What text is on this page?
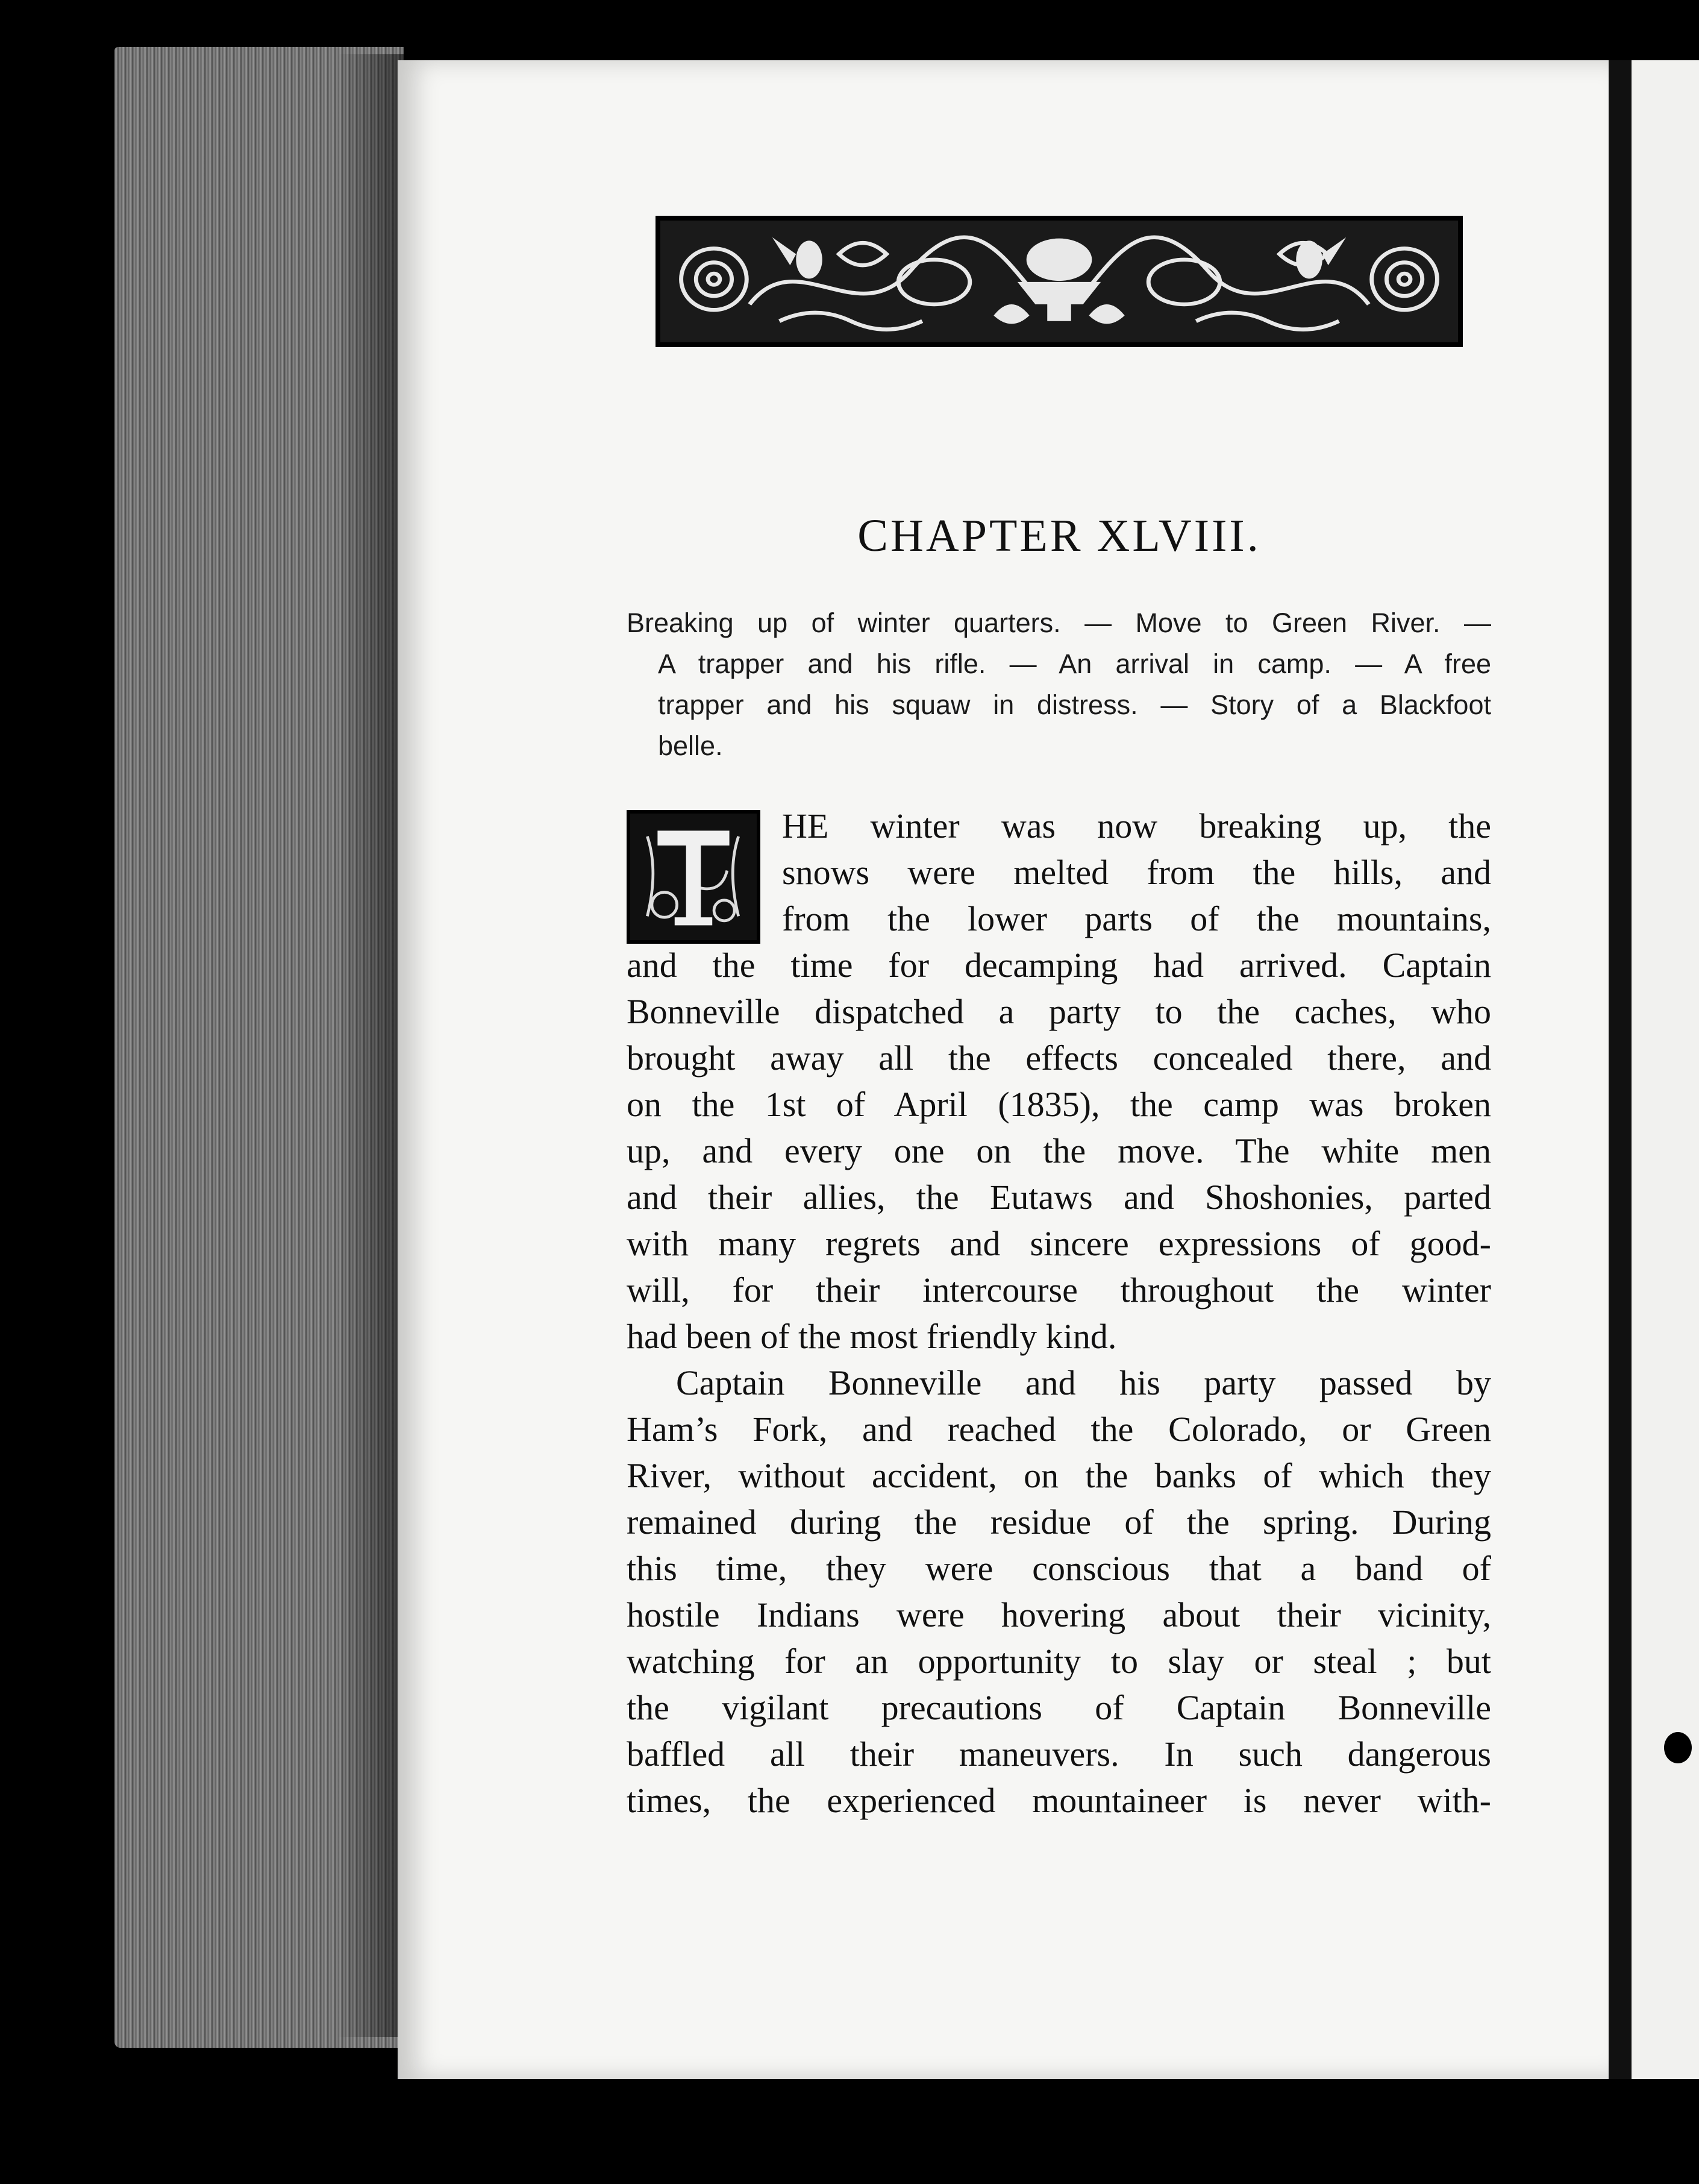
CHAPTER XLVIII.
Breaking up of winter quarters. — Move to Green River. —
A trapper and his rifle. — An arrival in camp. — A free
trapper and his squaw in distress. — Story of a Blackfoot
belle.
HE winter was now breaking up, the
snows were melted from the hills, and
from the lower parts of the mountains,
and the time for decamping had arrived. Captain
Bonneville dispatched a party to the caches, who
brought away all the effects concealed there, and
on the 1st of April (1835), the camp was broken
up, and every one on the move. The white men
and their allies, the Eutaws and Shoshonies, parted
with many regrets and sincere expressions of good-
will, for their intercourse throughout the winter
had been of the most friendly kind.
Captain Bonneville and his party passed by
Ham’s Fork, and reached the Colorado, or Green
River, without accident, on the banks of which they
remained during the residue of the spring. During
this time, they were conscious that a band of
hostile Indians were hovering about their vicinity,
watching for an opportunity to slay or steal ; but
the vigilant precautions of Captain Bonneville
baffled all their maneuvers. In such dangerous
times, the experienced mountaineer is never with-
